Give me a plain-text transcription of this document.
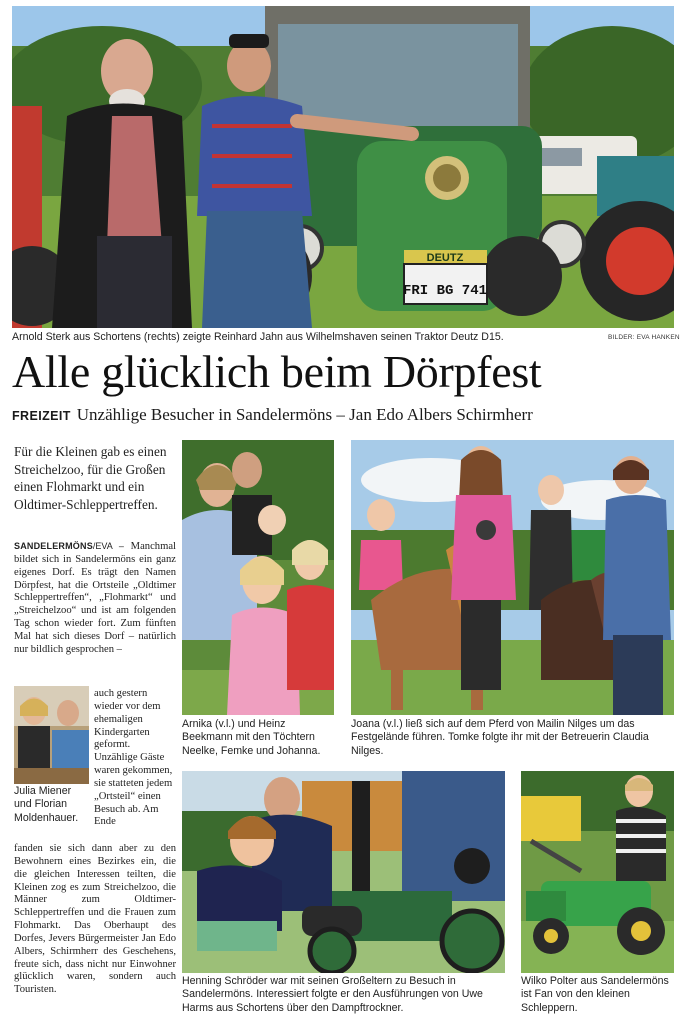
DEUTZ
FRI BG 741
Arnold Sterk aus Schortens (rechts) zeigte Reinhard Jahn aus Wilhelmshaven seinen Traktor Deutz D15.	BILDER: EVA HANKEN
Alle glücklich beim Dörpfest
FREIZEIT Unzählige Besucher in Sandelermöns – Jan Edo Albers Schirmherr
Für die Kleinen gab es einen Streichelzoo, für die Großen einen Flohmarkt und ein Oldtimer-Schleppertreffen.

SANDELERMÖNS/EVA – Manchmal bildet sich in Sandelermöns ein ganz eigenes Dorf. Es trägt den Namen Dörpfest, hat die Ortsteile „Oldtimer Schleppertreffen“, „Flohmarkt“ und „Streichelzoo“ und ist am folgenden Tag schon wieder fort. Zum fünften Mal hat sich dieses Dorf – natürlich nur bildlich gesprochen –

Julia Miener und Florian Moldenhauer.

auch gestern wieder vor dem ehemaligen Kindergarten geformt. Unzählige Gäste waren gekommen, sie statteten jedem „Ortsteil“ einen Besuch ab. Am Ende

fanden sie sich dann aber zu den Bewohnern eines Bezirkes ein, die die gleichen Interessen teilten, die Kleinen zog es zum Streichelzoo, die Männer zum Oldtimer-Schleppertreffen und die Frauen zum Flohmarkt. Das Oberhaupt des Dorfes, Jevers Bürgermeister Jan Edo Albers, Schirmherr des Geschehens, freute sich, dass nicht nur Einwohner glücklich waren, sondern auch Touristen.

Arnika (v.l.) und Heinz Beekmann mit den Töchtern Neelke, Femke und Johanna.
Joana (v.l.) ließ sich auf dem Pferd von Mailin Nilges um das Festgelände führen. Tomke folgte ihr mit der Betreuerin Claudia Nilges.
Henning Schröder war mit seinen Großeltern zu Besuch in Sandelermöns. Interessiert folgte er den Ausführungen von Uwe Harms aus Schortens über den Dampftrockner.
Wilko Polter aus Sandelermöns ist Fan von den kleinen Schleppern.
